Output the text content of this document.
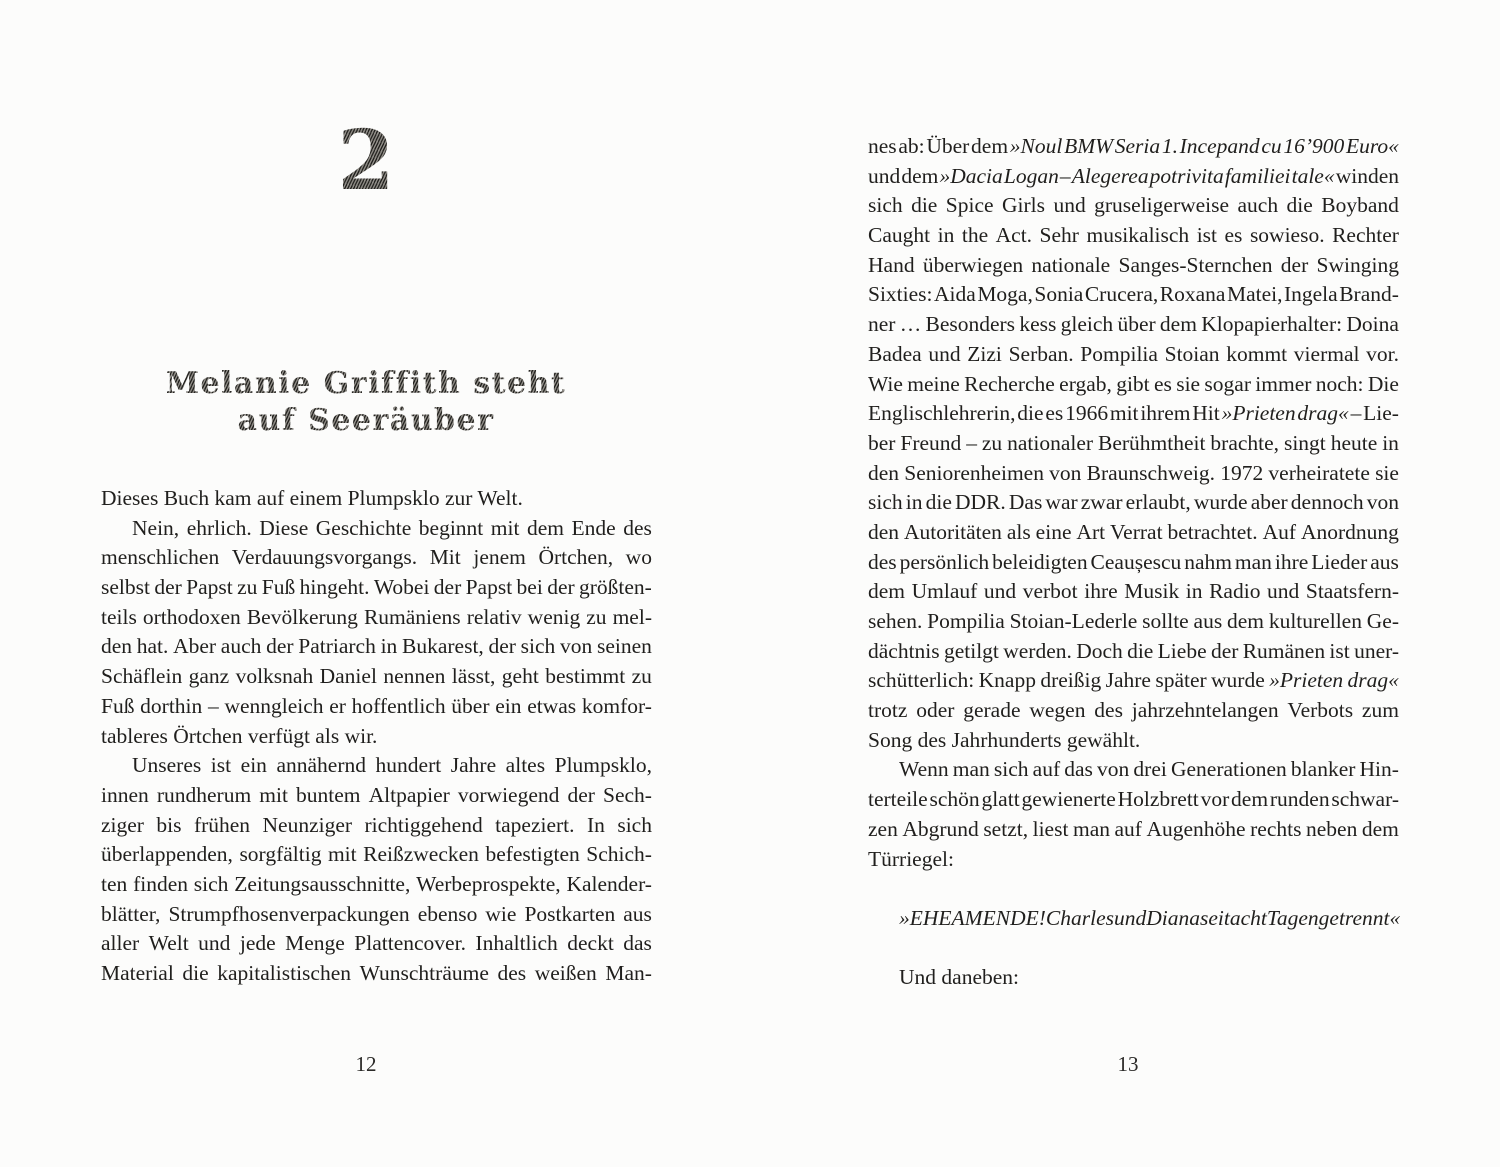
2
Melanie Griffith steht
auf Seeräuber
Dieses Buch kam auf einem Plumpsklo zur Welt.
Nein, ehrlich. Diese Geschichte beginnt mit dem Ende des
menschlichen Verdauungsvorgangs. Mit jenem Örtchen, wo
selbst der Papst zu Fuß hingeht. Wobei der Papst bei der größten-
teils orthodoxen Bevölkerung Rumäniens relativ wenig zu mel-
den hat. Aber auch der Patriarch in Bukarest, der sich von seinen
Schäflein ganz volksnah Daniel nennen lässt, geht bestimmt zu
Fuß dorthin – wenngleich er hoffentlich über ein etwas komfor-
tableres Örtchen verfügt als wir.
Unseres ist ein annähernd hundert Jahre altes Plumpsklo,
innen rundherum mit buntem Altpapier vorwiegend der Sech-
ziger bis frühen Neunziger richtiggehend tapeziert. In sich
überlappenden, sorgfältig mit Reißzwecken befestigten Schich-
ten finden sich Zeitungsausschnitte, Werbeprospekte, Kalender-
blätter, Strumpfhosenverpackungen ebenso wie Postkarten aus
aller Welt und jede Menge Plattencover. Inhaltlich deckt das
Material die kapitalistischen Wunschträume des weißen Man-
nes ab: Über dem »Noul BMW Seria 1. Incepand cu 16’900 Euro«
und dem »Dacia Logan – Alegerea potrivita familiei tale« winden
sich die Spice Girls und gruseligerweise auch die Boyband
Caught in the Act. Sehr musikalisch ist es sowieso. Rechter
Hand überwiegen nationale Sanges-Sternchen der Swinging
Sixties: Aida Moga, Sonia Crucera, Roxana Matei, Ingela Brand-
ner … Besonders kess gleich über dem Klopapierhalter: Doina
Badea und Zizi Serban. Pompilia Stoian kommt viermal vor.
Wie meine Recherche ergab, gibt es sie sogar immer noch: Die
Englischlehrerin, die es 1966 mit ihrem Hit »Prieten drag« – Lie-
ber Freund – zu nationaler Berühmtheit brachte, singt heute in
den Seniorenheimen von Braunschweig. 1972 verheiratete sie
sich in die DDR. Das war zwar erlaubt, wurde aber dennoch von
den Autoritäten als eine Art Verrat betrachtet. Auf Anordnung
des persönlich beleidigten Ceaușescu nahm man ihre Lieder aus
dem Umlauf und verbot ihre Musik in Radio und Staatsfern-
sehen. Pompilia Stoian-Lederle sollte aus dem kulturellen Ge-
dächtnis getilgt werden. Doch die Liebe der Rumänen ist uner-
schütterlich: Knapp dreißig Jahre später wurde »Prieten drag«
trotz oder gerade wegen des jahrzehntelangen Verbots zum
Song des Jahrhunderts gewählt.
Wenn man sich auf das von drei Generationen blanker Hin-
terteile schön glatt gewienerte Holzbrett vor dem runden schwar-
zen Abgrund setzt, liest man auf Augenhöhe rechts neben dem
Türriegel:
»EHE AM ENDE! Charles und Diana seit acht Tagen getrennt«
Und daneben:
12	13
